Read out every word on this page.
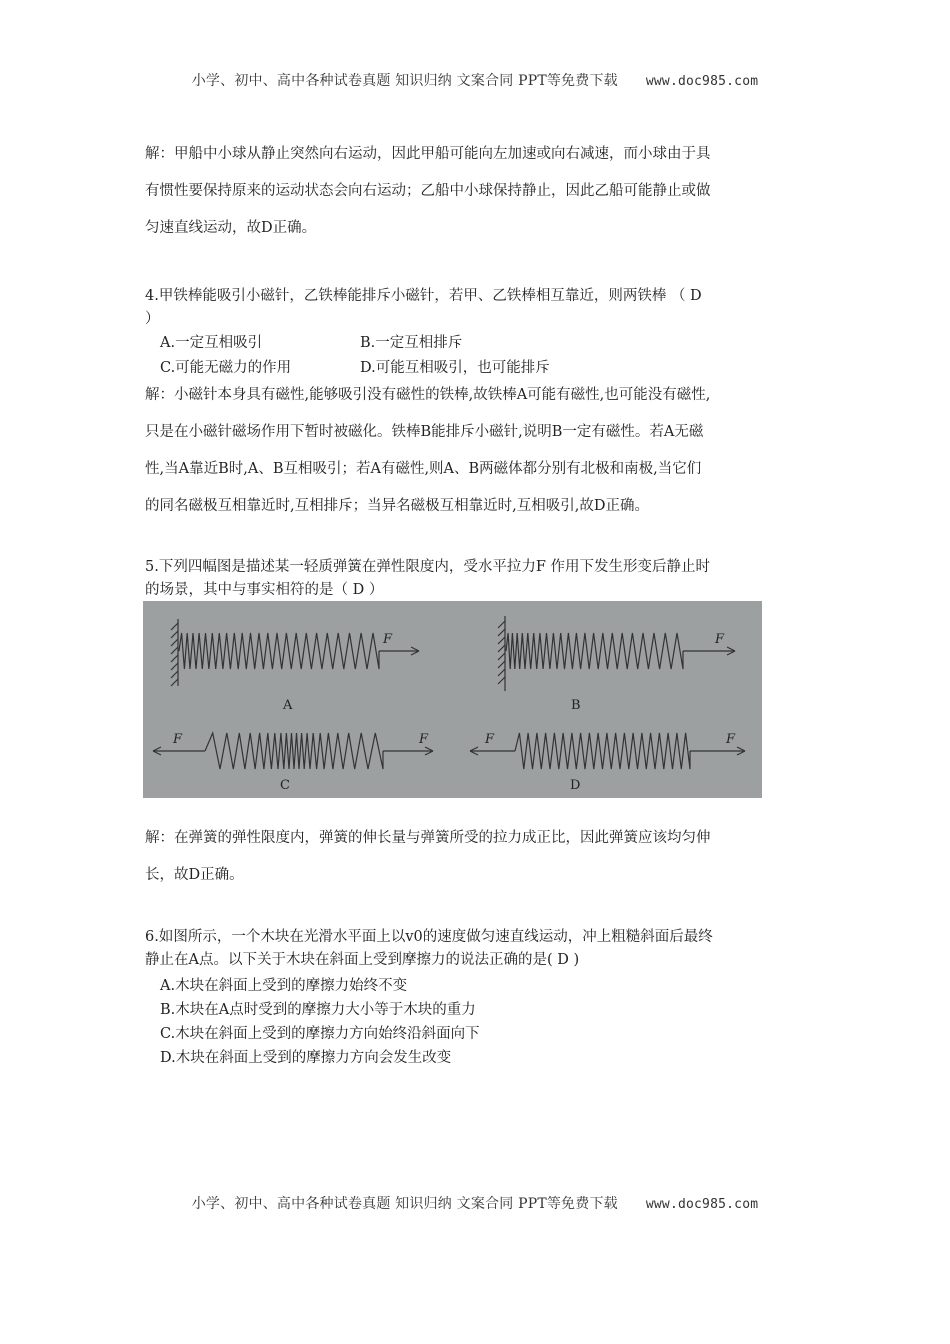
小学、初中、高中各种试卷真题 知识归纳 文案合同 PPT等免费下载 www.doc985.com
解：甲船中小球从静止突然向右运动，因此甲船可能向左加速或向右减速，而小球由于具
有惯性要保持原来的运动状态会向右运动；乙船中小球保持静止，因此乙船可能静止或做
匀速直线运动，故D正确。
4.甲铁棒能吸引小磁针，乙铁棒能排斥小磁针，若甲、乙铁棒相互靠近，则两铁棒 （ D
）
A.一定互相吸引	B.一定互相排斥
C.可能无磁力的作用	D.可能互相吸引，也可能排斥
解：小磁针本身具有磁性,能够吸引没有磁性的铁棒,故铁棒A可能有磁性,也可能没有磁性,
只是在小磁针磁场作用下暂时被磁化。铁棒B能排斥小磁针,说明B一定有磁性。若A无磁
性,当A靠近B时,A、B互相吸引；若A有磁性,则A、B两磁体都分别有北极和南极,当它们
的同名磁极互相靠近时,互相排斥；当异名磁极互相靠近时,互相吸引,故D正确。
5.下列四幅图是描述某一轻质弹簧在弹性限度内，受水平拉力F 作用下发生形变后静止时
的场景，其中与事实相符的是（ D ）
F
A
F
B
F	F
C
F	F
D
解：在弹簧的弹性限度内，弹簧的伸长量与弹簧所受的拉力成正比，因此弹簧应该均匀伸
长，故D正确。
6.如图所示，一个木块在光滑水平面上以v0的速度做匀速直线运动，冲上粗糙斜面后最终
静止在A点。以下关于木块在斜面上受到摩擦力的说法正确的是( D )
A.木块在斜面上受到的摩擦力始终不变
B.木块在A点时受到的摩擦力大小等于木块的重力
C.木块在斜面上受到的摩擦力方向始终沿斜面向下
D.木块在斜面上受到的摩擦力方向会发生改变
小学、初中、高中各种试卷真题 知识归纳 文案合同 PPT等免费下载 www.doc985.com
